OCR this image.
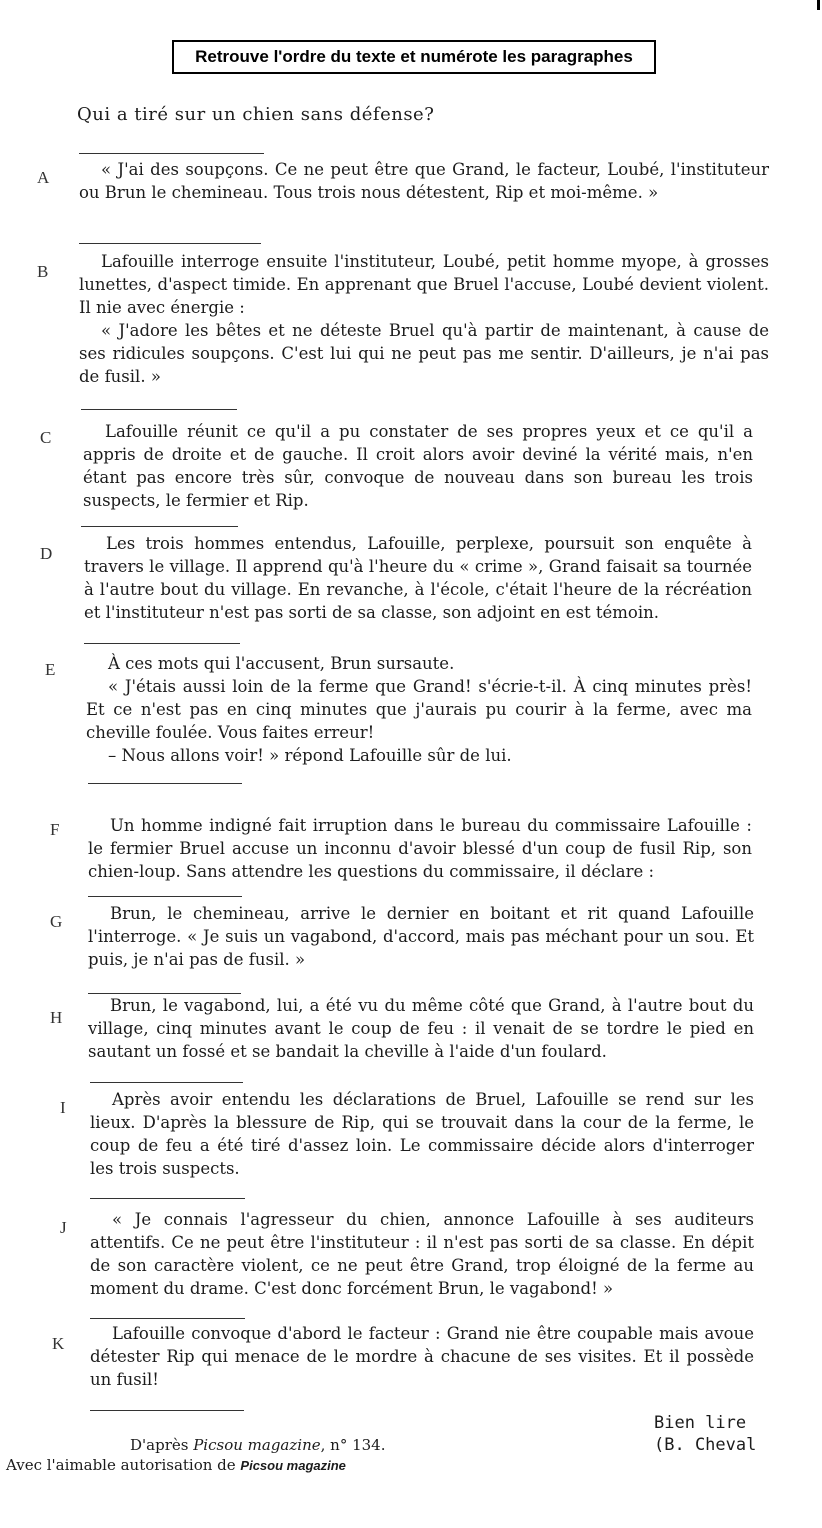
Retrouve l'ordre du texte et numérote les paragraphes
Qui a tiré sur un chien sans défense?
A	« J'ai des soupçons. Ce ne peut être que Grand, le facteur, Loubé, l'instituteur ou Brun le chemineau. Tous trois nous détestent, Rip et moi-même. »

B

Lafouille interroge ensuite l'instituteur, Loubé, petit homme myope, à grosses lunettes, d'aspect timide. En apprenant que Bruel l'accuse, Loubé devient violent. Il nie avec énergie :

« J'adore les bêtes et ne déteste Bruel qu'à partir de maintenant, à cause de ses ridicules soupçons. C'est lui qui ne peut pas me sentir. D'ailleurs, je n'ai pas de fusil. »

C	Lafouille réunit ce qu'il a pu constater de ses propres yeux et ce qu'il a appris de droite et de gauche. Il croit alors avoir deviné la vérité mais, n'en étant pas encore très sûr, convoque de nouveau dans son bureau les trois suspects, le fermier et Rip.

D

Les trois hommes entendus, Lafouille, perplexe, poursuit son enquête à travers le village. Il apprend qu'à l'heure du « crime », Grand faisait sa tournée à l'autre bout du village. En revanche, à l'école, c'était l'heure de la récréation et l'instituteur n'est pas sorti de sa classe, son adjoint en est témoin.

E	À ces mots qui l'accusent, Brun sursaute.

« J'étais aussi loin de la ferme que Grand! s'écrie-t-il. À cinq minutes près! Et ce n'est pas en cinq minutes que j'aurais pu courir à la ferme, avec ma cheville foulée. Vous faites erreur!

– Nous allons voir! » répond Lafouille sûr de lui.

F	Un homme indigné fait irruption dans le bureau du commissaire Lafouille : le fermier Bruel accuse un inconnu d'avoir blessé d'un coup de fusil Rip, son chien-loup. Sans attendre les questions du commissaire, il déclare :

G	Brun, le chemineau, arrive le dernier en boitant et rit quand Lafouille l'interroge. « Je suis un vagabond, d'accord, mais pas méchant pour un sou. Et puis, je n'ai pas de fusil. »

H

Brun, le vagabond, lui, a été vu du même côté que Grand, à l'autre bout du village, cinq minutes avant le coup de feu : il venait de se tordre le pied en sautant un fossé et se bandait la cheville à l'aide d'un foulard.

I	Après avoir entendu les déclarations de Bruel, Lafouille se rend sur les lieux. D'après la blessure de Rip, qui se trouvait dans la cour de la ferme, le coup de feu a été tiré d'assez loin. Le commissaire décide alors d'interroger les trois suspects.

J	« Je connais l'agresseur du chien, annonce Lafouille à ses auditeurs attentifs. Ce ne peut être l'instituteur : il n'est pas sorti de sa classe. En dépit de son caractère violent, ce ne peut être Grand, trop éloigné de la ferme au moment du drame. C'est donc forcément Brun, le vagabond! »

K

Lafouille convoque d'abord le facteur : Grand nie être coupable mais avoue détester Rip qui menace de le mordre à chacune de ses visites. Et il possède un fusil!

D'après Picsou magazine, n° 134.
Avec l'aimable autorisation de Picsou magazine
Bien lire
(B. Cheval
